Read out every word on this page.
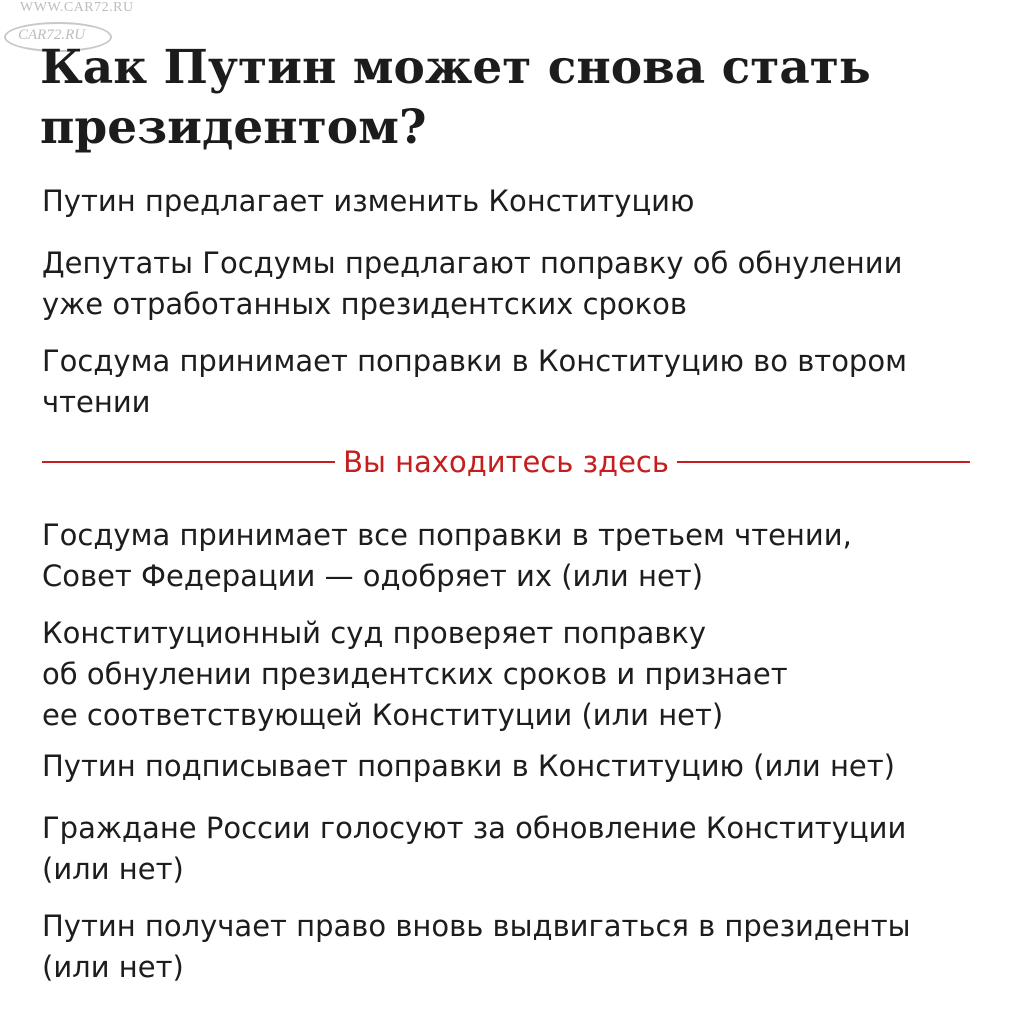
WWW.CAR72.RU
CAR72.RU
Как Путин может снова стать президентом?
Путин предлагает изменить Конституцию
Депутаты Госдумы предлагают поправку об обнулении
уже отработанных президентских сроков
Госдума принимает поправки в Конституцию во втором
чтении
Госдума принимает все поправки в третьем чтении,
Совет Федерации — одобряет их (или нет)
Конституционный суд проверяет поправку
об обнулении президентских сроков и признает
ее соответствующей Конституции (или нет)
Путин подписывает поправки в Конституцию (или нет)
Граждане России голосуют за обновление Конституции
(или нет)
Путин получает право вновь выдвигаться в президенты
(или нет)
Вы находитесь здесь
